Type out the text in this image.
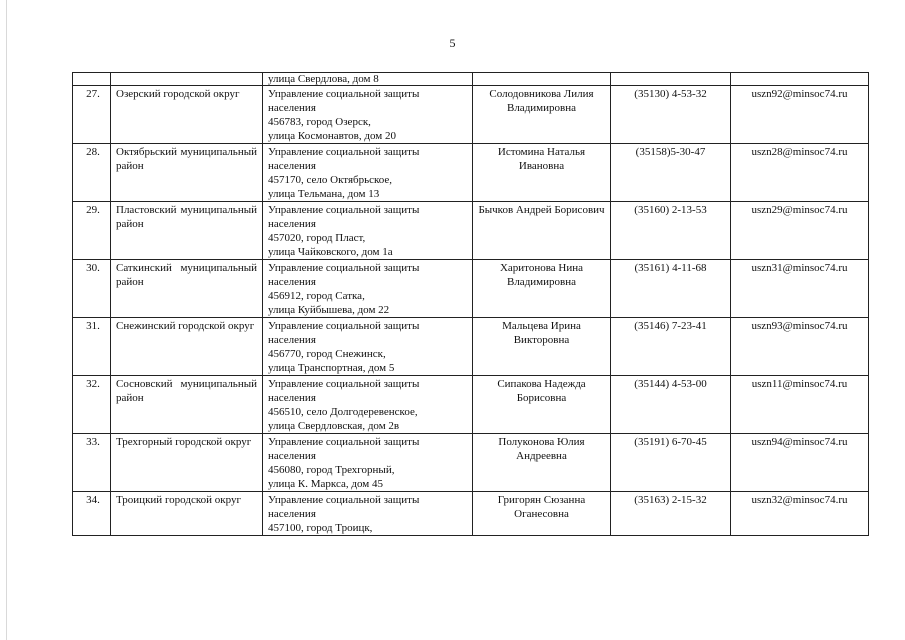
5

		улица Свердлова, дом 8			

27.	Озерский городской округ	Управление социальной защиты населения
456783, город Озерск,
улица Космонавтов, дом 20	Солодовникова Лилия Владимировна	(35130) 4-53-32	uszn92@minsoc74.ru
28.	Октябрьский муниципальный район	Управление социальной защиты населения
457170, село Октябрьское,
улица Тельмана, дом 13	Истомина Наталья Ивановна	(35158)5-30-47	uszn28@minsoc74.ru
29.	Пластовский муниципальный район	Управление социальной защиты населения
457020, город Пласт,
улица Чайковского, дом 1а	Бычков Андрей Борисович	(35160) 2-13-53	uszn29@minsoc74.ru
30.	Саткинский муниципальный район	Управление социальной защиты населения
456912, город Сатка,
улица Куйбышева, дом 22	Харитонова Нина Владимировна	(35161) 4-11-68	uszn31@minsoc74.ru
31.	Снежинский городской округ	Управление социальной защиты населения
456770, город Снежинск,
улица Транспортная, дом 5	Мальцева Ирина Викторовна	(35146) 7-23-41	uszn93@minsoc74.ru
32.	Сосновский муниципальный район	Управление социальной защиты населения
456510, село Долгодеревенское,
улица Свердловская, дом 2в	Сипакова Надежда Борисовна	(35144) 4-53-00	uszn11@minsoc74.ru
33.	Трехгорный городской округ	Управление социальной защиты населения
456080, город Трехгорный,
улица К. Маркса, дом 45	Полуконова Юлия Андреевна	(35191) 6-70-45	uszn94@minsoc74.ru
34.	Троицкий городской округ	Управление социальной защиты населения
457100, город Троицк,	Григорян Сюзанна Оганесовна	(35163) 2-15-32	uszn32@minsoc74.ru
